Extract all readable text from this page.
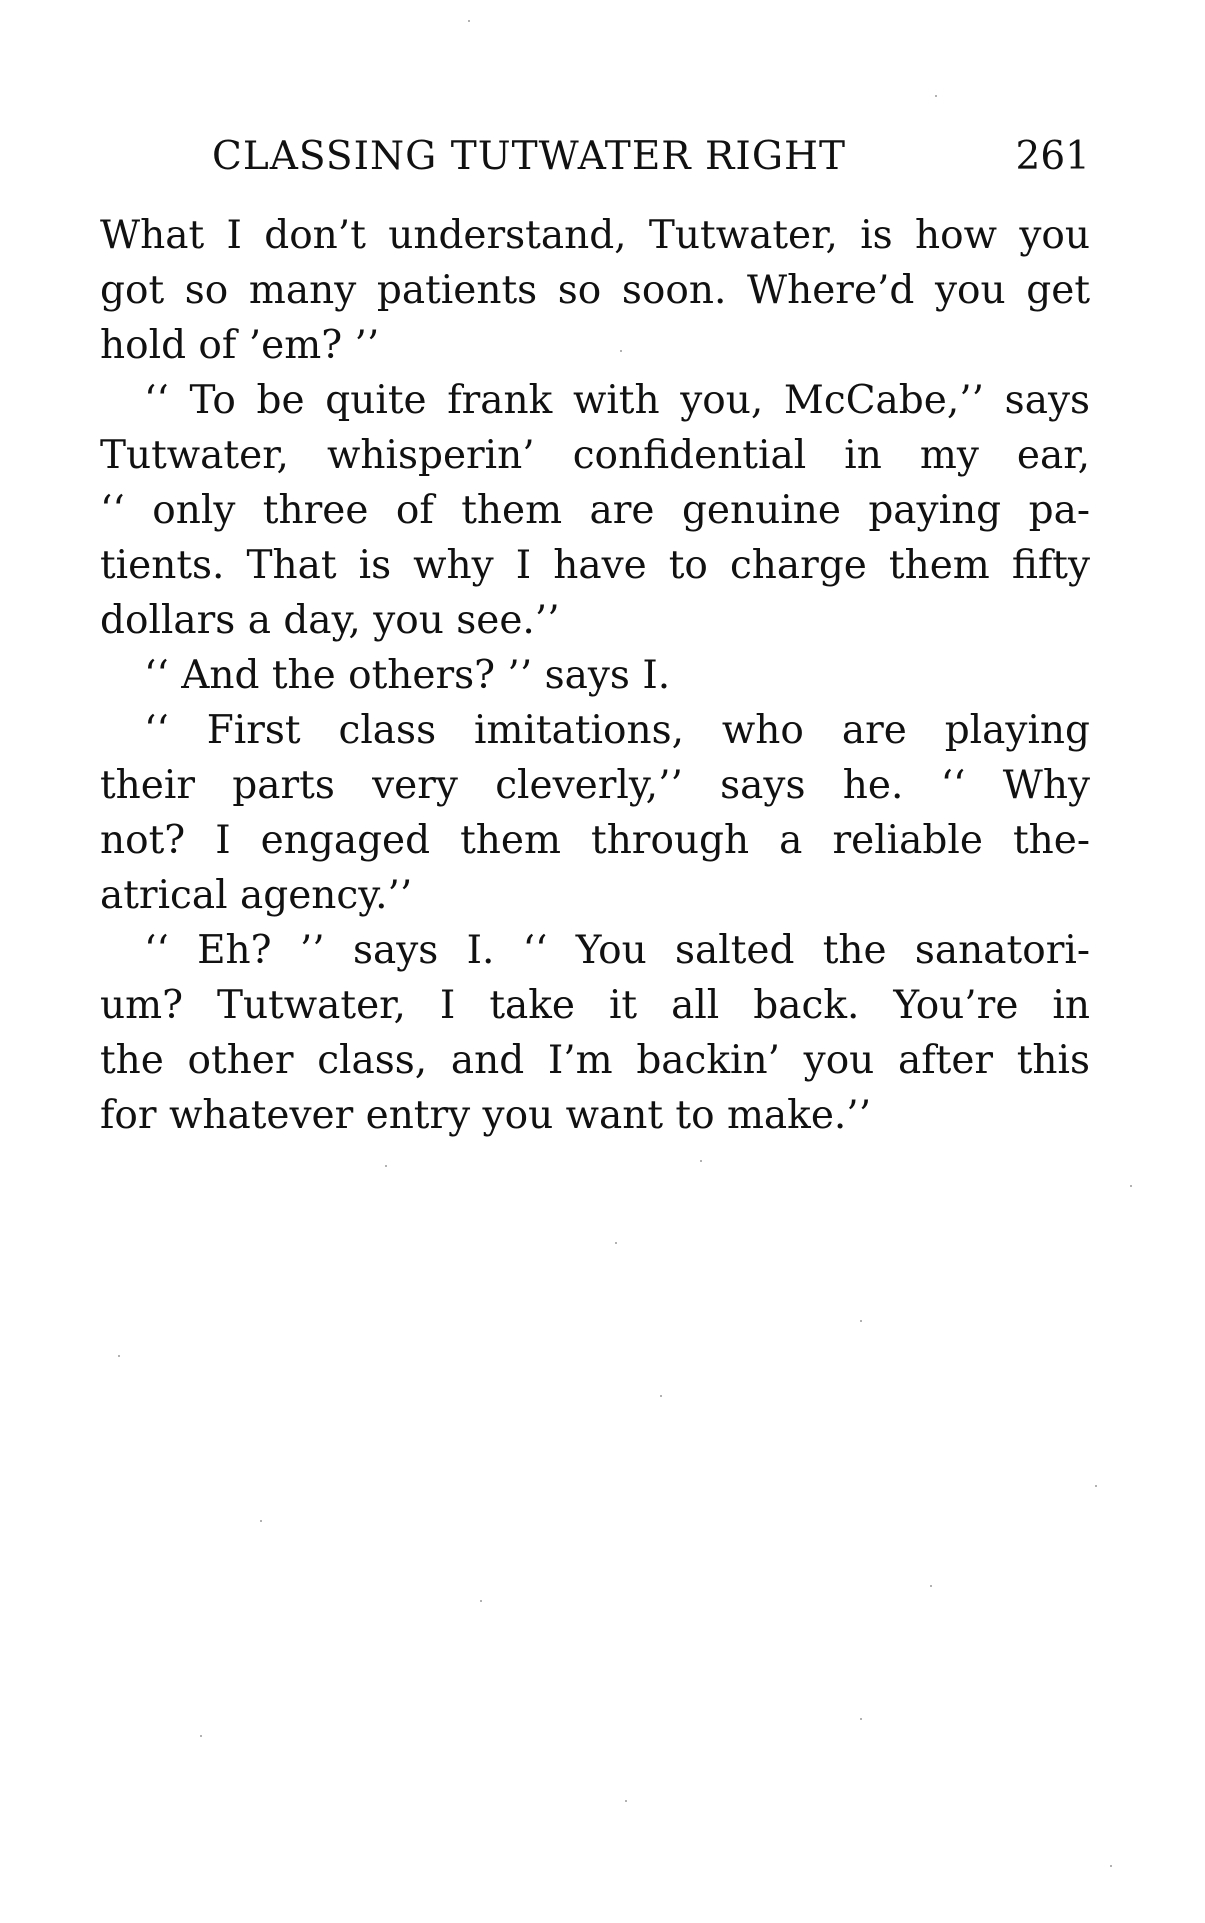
CLASSING TUTWATER RIGHT	261
What I don’t understand, Tutwater, is how you
got so many patients so soon. Where’d you get
hold of ’em? ’’
‘‘ To be quite frank with you, McCabe,’’ says
Tutwater, whisperin’ confidential in my ear,
‘‘ only three of them are genuine paying pa-
tients. That is why I have to charge them fifty
dollars a day, you see.’’
‘‘ And the others? ’’ says I.
‘‘ First class imitations, who are playing
their parts very cleverly,’’ says he. ‘‘ Why
not? I engaged them through a reliable the-
atrical agency.’’
‘‘ Eh? ’’ says I. ‘‘ You salted the sanatori-
um? Tutwater, I take it all back. You’re in
the other class, and I’m backin’ you after this
for whatever entry you want to make.’’
